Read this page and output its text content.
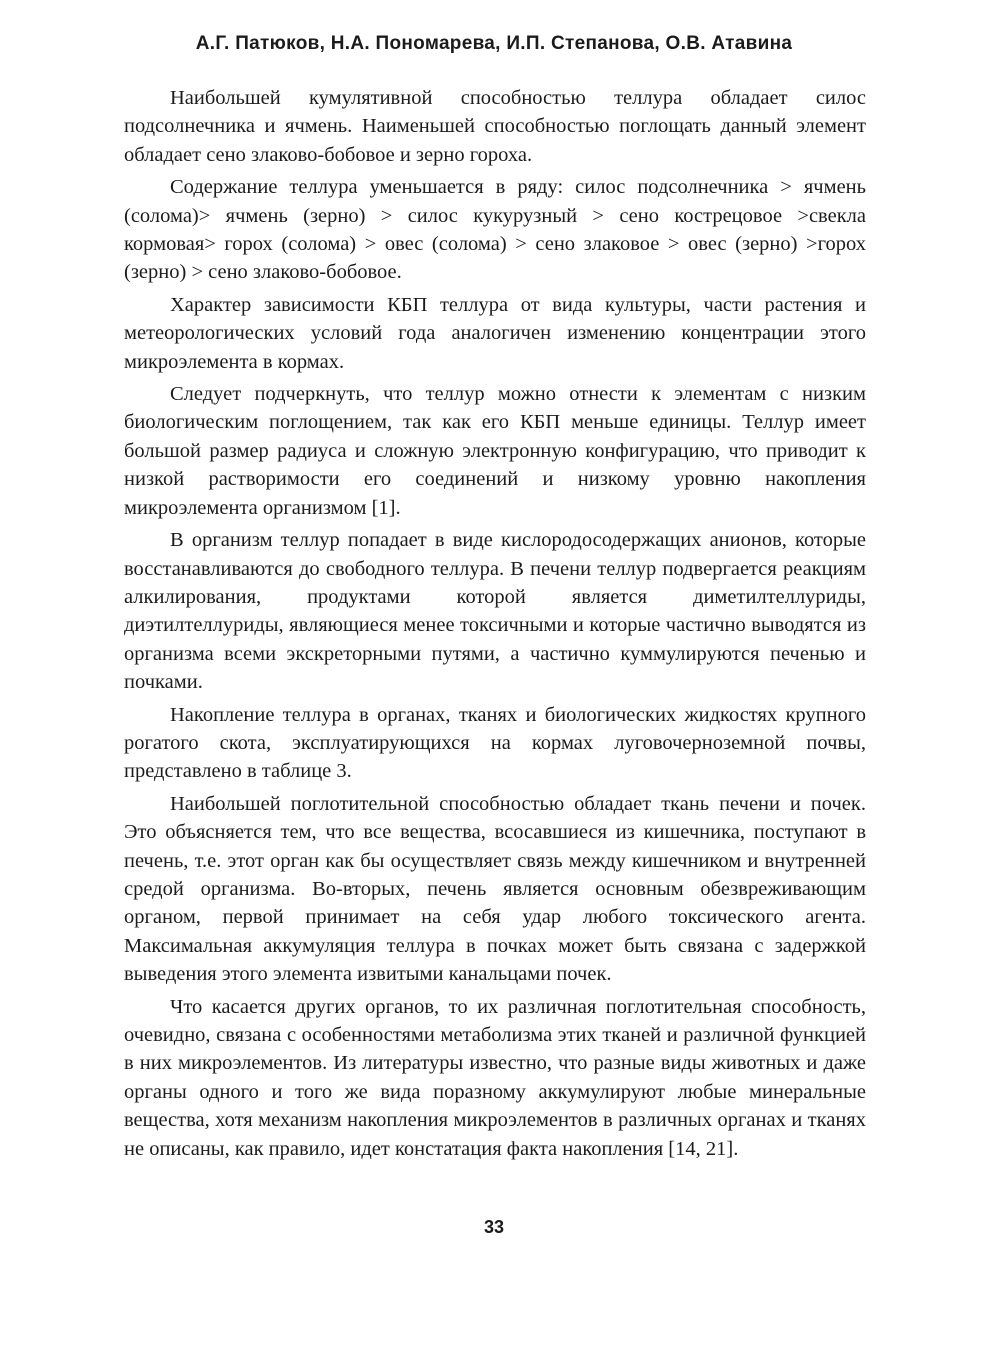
А.Г. Патюков, Н.А. Пономарева, И.П. Степанова, О.В. Атавина

Наибольшей кумулятивной способностью теллура обладает силос подсолнечника и ячмень. Наименьшей способностью поглощать данный элемент обладает сено злаково-бобовое и зерно гороха.

Содержание теллура уменьшается в ряду: силос подсолнечника > ячмень (солома)> ячмень (зерно) > силос кукурузный > сено кострецовое >свекла кормовая> горох (солома) > овес (солома) > сено злаковое > овес (зерно) >горох (зерно) > сено злаково-бобовое.

Характер зависимости КБП теллура от вида культуры, части растения и метеорологических условий года аналогичен изменению концентрации этого микроэлемента в кормах.

Следует подчеркнуть, что теллур можно отнести к элементам с низким биологическим поглощением, так как его КБП меньше единицы. Теллур имеет большой размер радиуса и сложную электронную конфигурацию, что приводит к низкой растворимости его соединений и низкому уровню накопления микроэлемента организмом [1].

В организм теллур попадает в виде кислородосодержащих анионов, которые восстанавливаются до свободного теллура. В печени теллур подвергается реакциям алкилирования, продуктами которой является диметилтеллуриды, диэтилтеллуриды, являющиеся менее токсичными и которые частично выводятся из организма всеми экскреторными путями, а частично куммулируются печенью и почками.

Накопление теллура в органах, тканях и биологических жидкостях крупного рогатого скота, эксплуатирующихся на кормах луговочерноземной почвы, представлено в таблице 3.

Наибольшей поглотительной способностью обладает ткань печени и почек. Это объясняется тем, что все вещества, всосавшиеся из кишечника, поступают в печень, т.е. этот орган как бы осуществляет связь между кишечником и внутренней средой организма. Во-вторых, печень является основным обезвреживающим органом, первой принимает на себя удар любого токсического агента. Максимальная аккумуляция теллура в почках может быть связана с задержкой выведения этого элемента извитыми канальцами почек.

Что касается других органов, то их различная поглотительная способность, очевидно, связана с особенностями метаболизма этих тканей и различной функцией в них микроэлементов. Из литературы известно, что разные виды животных и даже органы одного и того же вида поразному аккумулируют любые минеральные вещества, хотя механизм накопления микроэлементов в различных органах и тканях не описаны, как правило, идет констатация факта накопления [14, 21].

33
